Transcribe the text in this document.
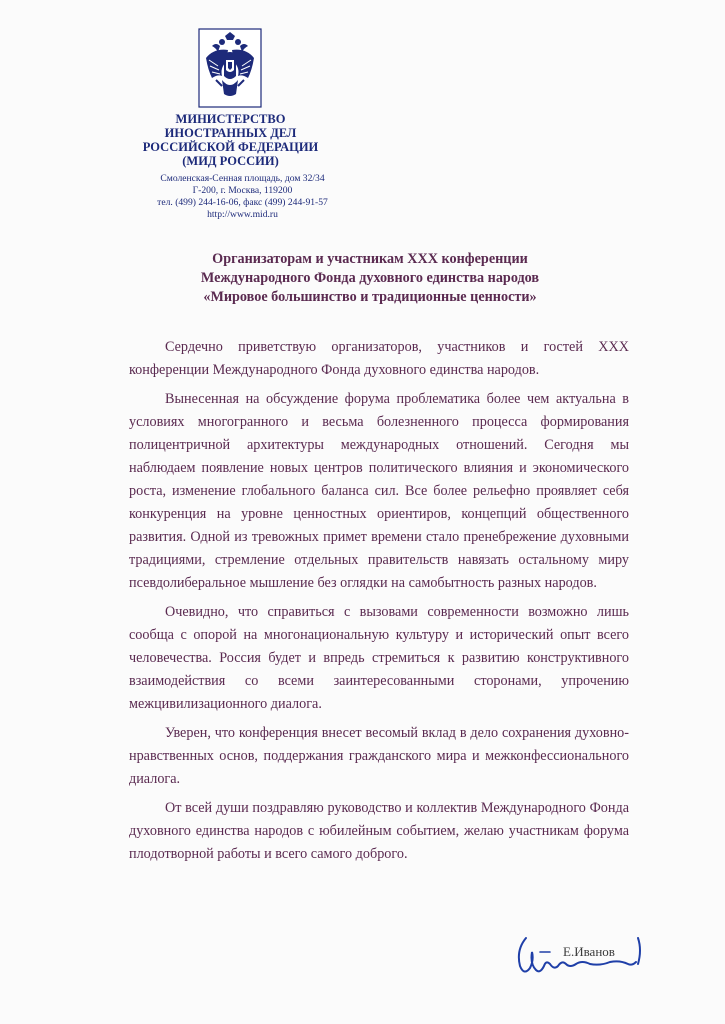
МИНИСТЕРСТВО
ИНОСТРАННЫХ ДЕЛ
РОССИЙСКОЙ ФЕДЕРАЦИИ
(МИД РОССИИ)
Смоленская-Сенная площадь, дом 32/34
Г-200, г. Москва, 119200
тел. (499) 244-16-06, факс (499) 244-91-57
http://www.mid.ru
Организаторам и участникам XXX конференции
Международного Фонда духовного единства народов
«Мировое большинство и традиционные ценности»
Сердечно приветствую организаторов, участников и гостей XXX конференции Международного Фонда духовного единства народов.
Вынесенная на обсуждение форума проблематика более чем актуальна в условиях многогранного и весьма болезненного процесса формирования полицентричной архитектуры международных отношений. Сегодня мы наблюдаем появление новых центров политического влияния и экономического роста, изменение глобального баланса сил. Все более рельефно проявляет себя конкуренция на уровне ценностных ориентиров, концепций общественного развития. Одной из тревожных примет времени стало пренебрежение духовными традициями, стремление отдельных правительств навязать остальному миру псевдолиберальное мышление без оглядки на самобытность разных народов.
Очевидно, что справиться с вызовами современности возможно лишь сообща с опорой на многонациональную культуру и исторический опыт всего человечества. Россия будет и впредь стремиться к развитию конструктивного взаимодействия со всеми заинтересованными сторонами, упрочению межцивилизационного диалога.
Уверен, что конференция внесет весомый вклад в дело сохранения духовно-нравственных основ, поддержания гражданского мира и межконфессионального диалога.
От всей души поздравляю руководство и коллектив Международного Фонда духовного единства народов с юбилейным событием, желаю участникам форума плодотворной работы и всего самого доброго.
Е.Иванов
